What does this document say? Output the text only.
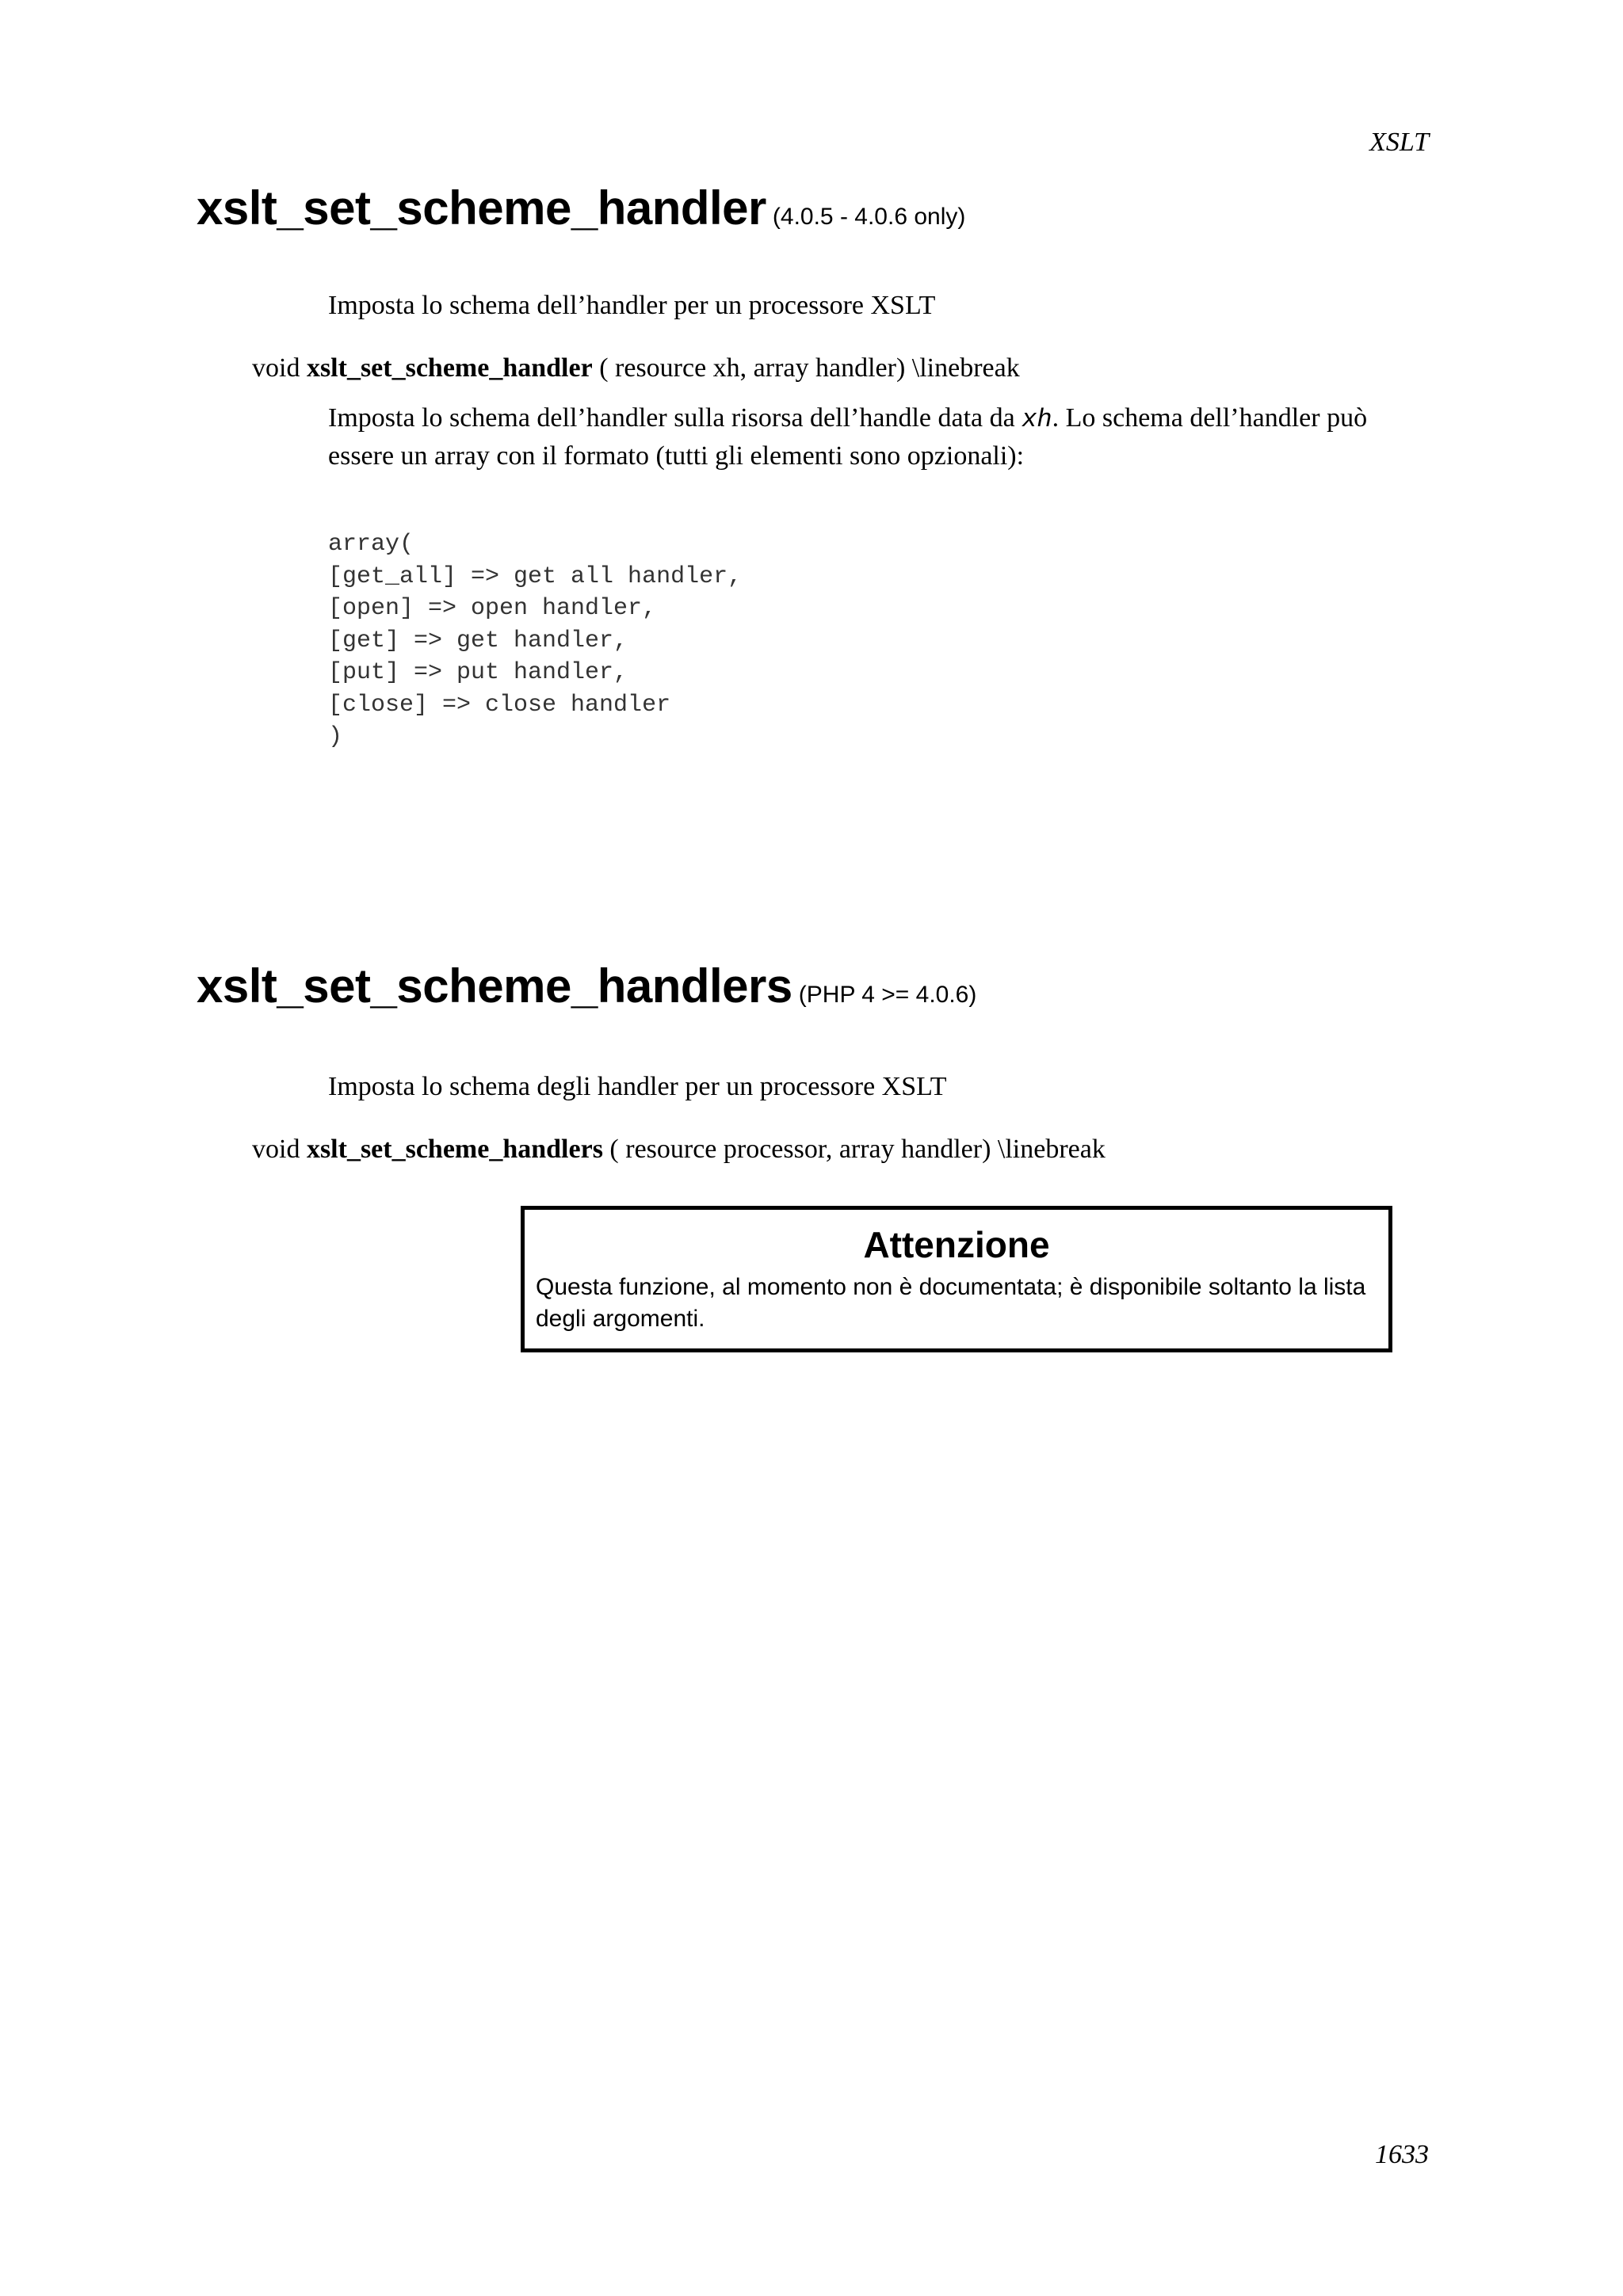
XSLT
xslt_set_scheme_handler (4.0.5 - 4.0.6 only)
Imposta lo schema dell’handler per un processore XSLT
void xslt_set_scheme_handler ( resource xh, array handler) \linebreak
Imposta lo schema dell’handler sulla risorsa dell’handle data da xh. Lo schema dell’handler può essere un array con il formato (tutti gli elementi sono opzionali):
array(
[get_all] => get all handler,
[open] => open handler,
[get] => get handler,
[put] => put handler,
[close] => close handler
)
xslt_set_scheme_handlers (PHP 4 >= 4.0.6)
Imposta lo schema degli handler per un processore XSLT
void xslt_set_scheme_handlers ( resource processor, array handler) \linebreak
Attenzione
Questa funzione, al momento non è documentata; è disponibile soltanto la lista degli argomenti.
1633
